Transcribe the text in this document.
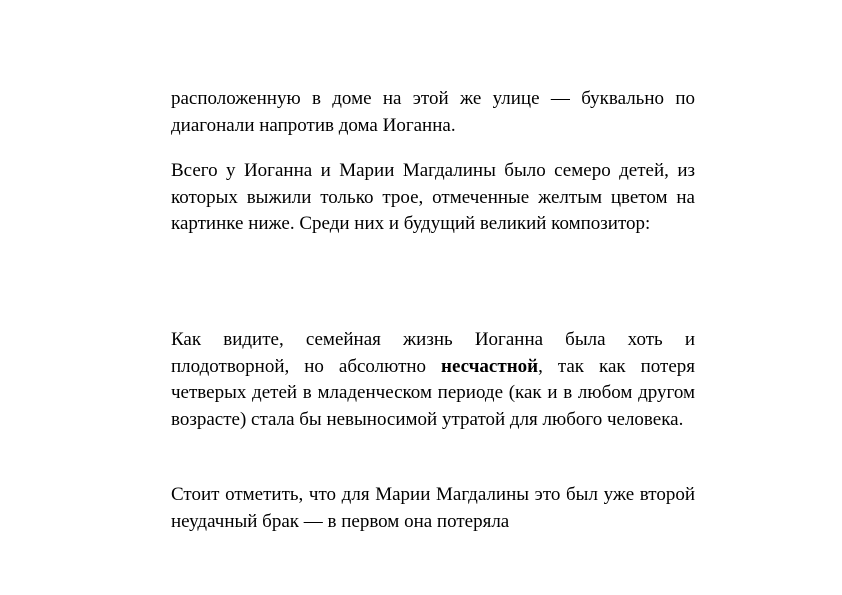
расположенную в доме на этой же улице — буквально по диагонали напротив дома Иоганна.

Всего у Иоганна и Марии Магдалины было семеро детей, из которых выжили только трое, отмеченные желтым цветом на картинке ниже. Среди них и будущий великий композитор:

Как видите, семейная жизнь Иоганна была хоть и плодотворной, но абсолютно несчастной, так как потеря четверых детей в младенческом периоде (как и в любом другом возрасте) стала бы невыносимой утратой для любого человека.

Стоит отметить, что для Марии Магдалины это был уже второй неудачный брак — в первом она потеряла
